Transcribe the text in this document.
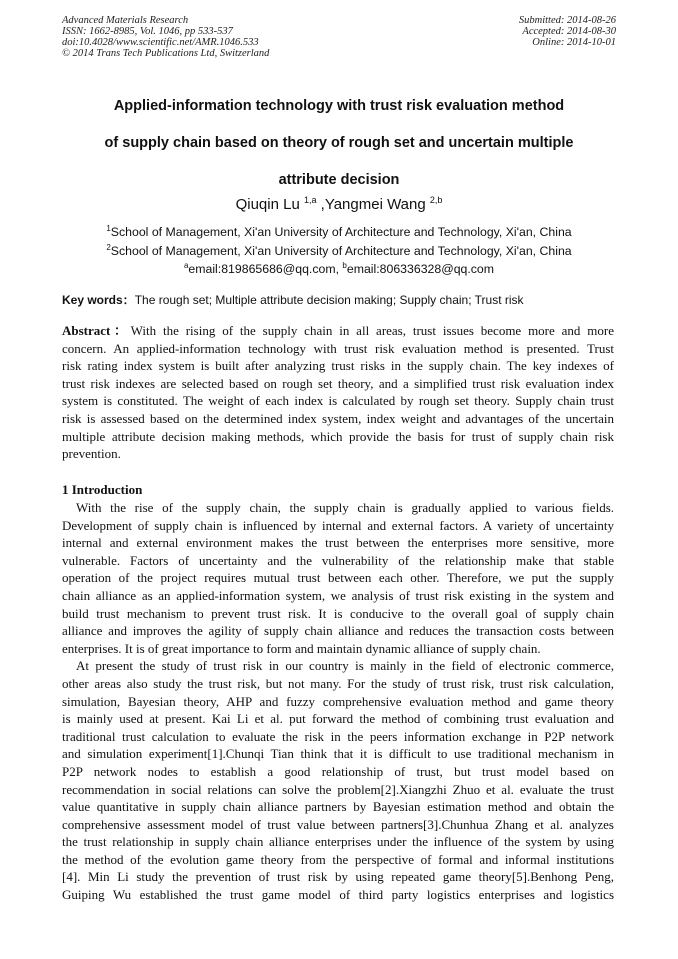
Advanced Materials Research
ISSN: 1662-8985, Vol. 1046, pp 533-537
doi:10.4028/www.scientific.net/AMR.1046.533
© 2014 Trans Tech Publications Ltd, Switzerland
Submitted: 2014-08-26
Accepted: 2014-08-30
Online: 2014-10-01
Applied-information technology with trust risk evaluation method
of supply chain based on theory of rough set and uncertain multiple
attribute decision
Qiuqin Lu $^{1,a}$ ,Yangmei Wang $^{2,b}$
$^1$School of Management, Xi'an University of Architecture and Technology, Xi'an, China
$^2$School of Management, Xi'an University of Architecture and Technology, Xi'an, China
$^a$email:819865686@qq.com, $^b$email:806336328@qq.com
Key words：The rough set; Multiple attribute decision making; Supply chain; Trust risk
Abstract：With the rising of the supply chain in all areas, trust issues become more and more
concern. An applied-information technology with trust risk evaluation method is presented. Trust
risk rating index system is built after analyzing trust risks in the supply chain. The key indexes of
trust risk indexes are selected based on rough set theory, and a simplified trust risk evaluation index
system is constituted. The weight of each index is calculated by rough set theory. Supply chain trust
risk is assessed based on the determined index system, index weight and advantages of the uncertain
multiple attribute decision making methods, which provide the basis for trust of supply chain risk
prevention.
1 Introduction
With the rise of the supply chain, the supply chain is gradually applied to various fields.
Development of supply chain is influenced by internal and external factors. A variety of uncertainty
internal and external environment makes the trust between the enterprises more sensitive, more
vulnerable. Factors of uncertainty and the vulnerability of the relationship make that stable
operation of the project requires mutual trust between each other. Therefore, we put the supply
chain alliance as an applied-information system, we analysis of trust risk existing in the system and
build trust mechanism to prevent trust risk. It is conducive to the overall goal of supply chain
alliance and improves the agility of supply chain alliance and reduces the transaction costs between
enterprises. It is of great importance to form and maintain dynamic alliance of supply chain.
At present the study of trust risk in our country is mainly in the field of electronic commerce,
other areas also study the trust risk, but not many. For the study of trust risk, trust risk calculation,
simulation, Bayesian theory, AHP and fuzzy comprehensive evaluation method and game theory
is mainly used at present. Kai Li et al. put forward the method of combining trust evaluation and
traditional trust calculation to evaluate the risk in the peers information exchange in P2P network
and simulation experiment[1].Chunqi Tian think that it is difficult to use traditional mechanism in
P2P network nodes to establish a good relationship of trust, but trust model based on
recommendation in social relations can solve the problem[2].Xiangzhi Zhuo et al. evaluate the trust
value quantitative in supply chain alliance partners by Bayesian estimation method and obtain the
comprehensive assessment model of trust value between partners[3].Chunhua Zhang et al. analyzes
the trust relationship in supply chain alliance enterprises under the influence of the system by using
the method of the evolution game theory from the perspective of formal and informal institutions
[4]. Min Li study the prevention of trust risk by using repeated game theory[5].Benhong Peng,
Guiping Wu established the trust game model of third party logistics enterprises and logistics
